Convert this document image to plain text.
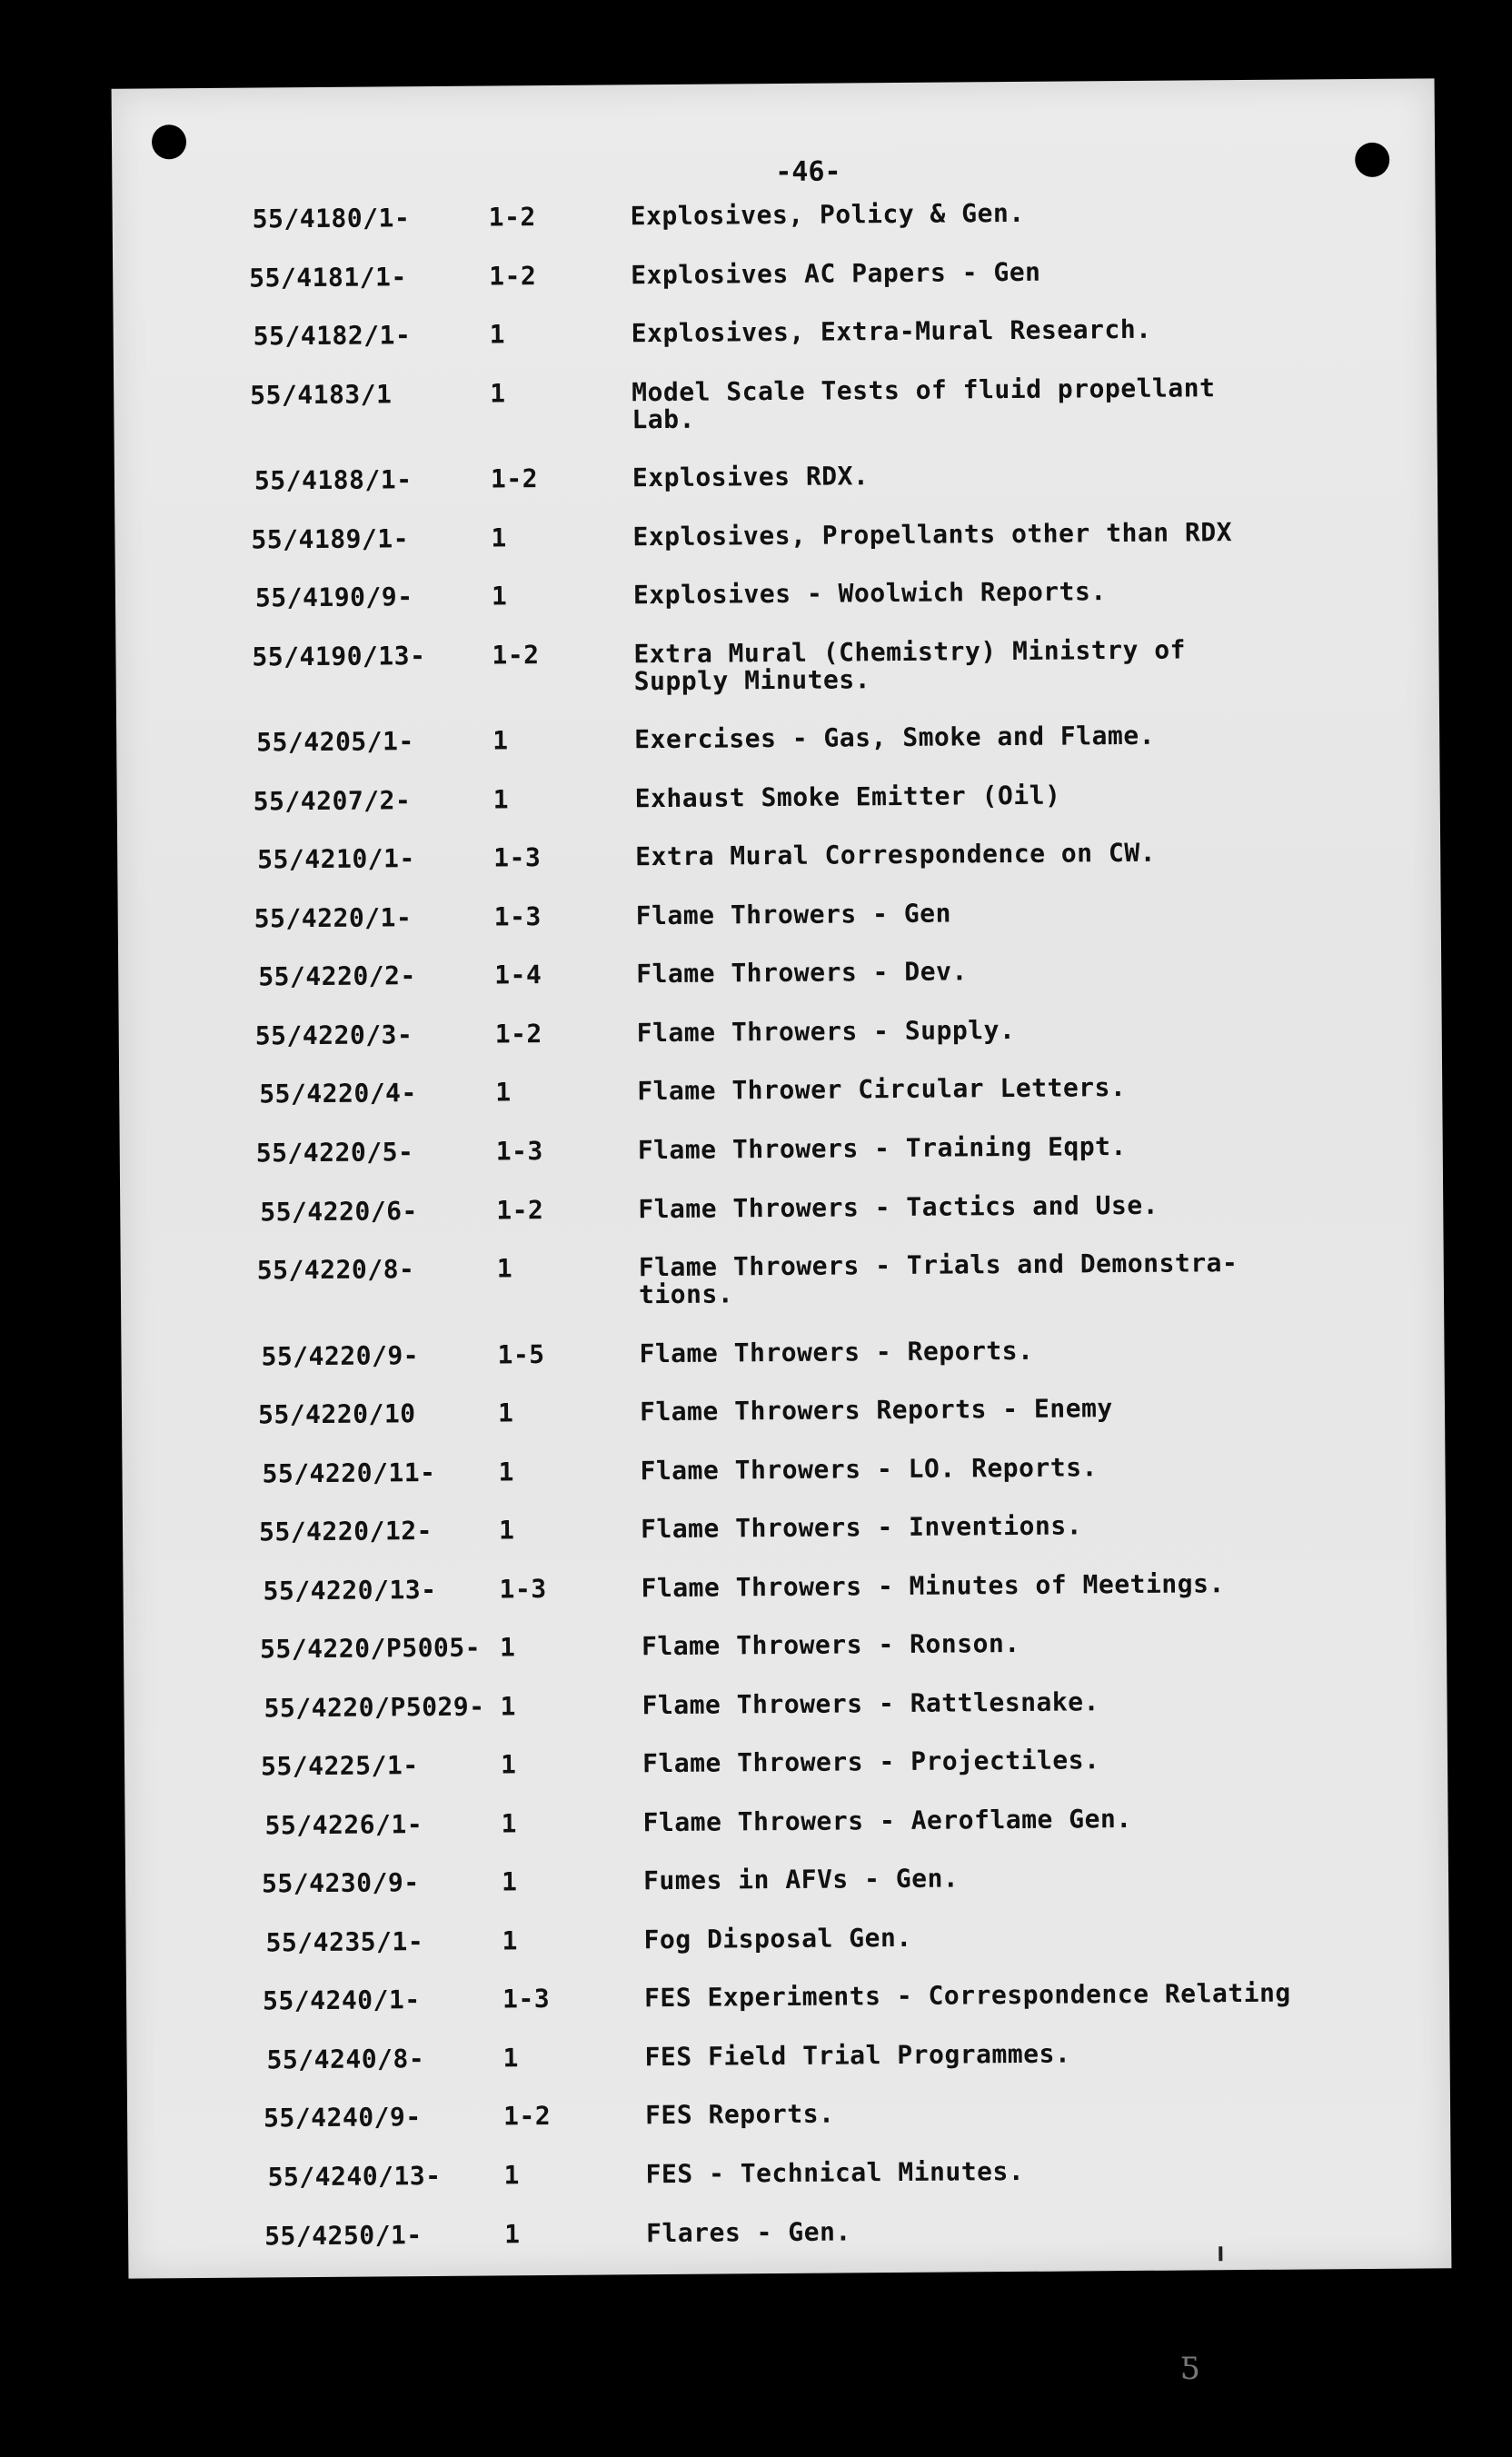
-46-
55/4180/1-	1-2	Explosives, Policy & Gen.
55/4181/1-	1-2	Explosives AC Papers - Gen
55/4182/1-	1	Explosives, Extra-Mural Research.
55/4183/1	1	Model Scale Tests of fluid propellant
Lab.
55/4188/1-	1-2	Explosives RDX.
55/4189/1-	1	Explosives, Propellants other than RDX
55/4190/9-	1	Explosives - Woolwich Reports.
55/4190/13-	1-2	Extra Mural (Chemistry) Ministry of
Supply Minutes.
55/4205/1-	1	Exercises - Gas, Smoke and Flame.
55/4207/2-	1	Exhaust Smoke Emitter (Oil)
55/4210/1-	1-3	Extra Mural Correspondence on CW.
55/4220/1-	1-3	Flame Throwers - Gen
55/4220/2-	1-4	Flame Throwers - Dev.
55/4220/3-	1-2	Flame Throwers - Supply.
55/4220/4-	1	Flame Thrower Circular Letters.
55/4220/5-	1-3	Flame Throwers - Training Eqpt.
55/4220/6-	1-2	Flame Throwers - Tactics and Use.
55/4220/8-	1	Flame Throwers - Trials and Demonstra-
tions.
55/4220/9-	1-5	Flame Throwers - Reports.
55/4220/10	1	Flame Throwers Reports - Enemy
55/4220/11-	1	Flame Throwers - LO. Reports.
55/4220/12-	1	Flame Throwers - Inventions.
55/4220/13-	1-3	Flame Throwers - Minutes of Meetings.
55/4220/P5005- 1	Flame Throwers - Ronson.
55/4220/P5029- 1	Flame Throwers - Rattlesnake.
55/4225/1-	1	Flame Throwers - Projectiles.
55/4226/1-	1	Flame Throwers - Aeroflame Gen.
55/4230/9-	1	Fumes in AFVs - Gen.
55/4235/1-	1	Fog Disposal Gen.
55/4240/1-	1-3	FES Experiments - Correspondence Relating
55/4240/8-	1	FES Field Trial Programmes.
55/4240/9-	1-2	FES Reports.
55/4240/13-	1	FES - Technical Minutes.
55/4250/1-	1	Flares - Gen.
ƽ
